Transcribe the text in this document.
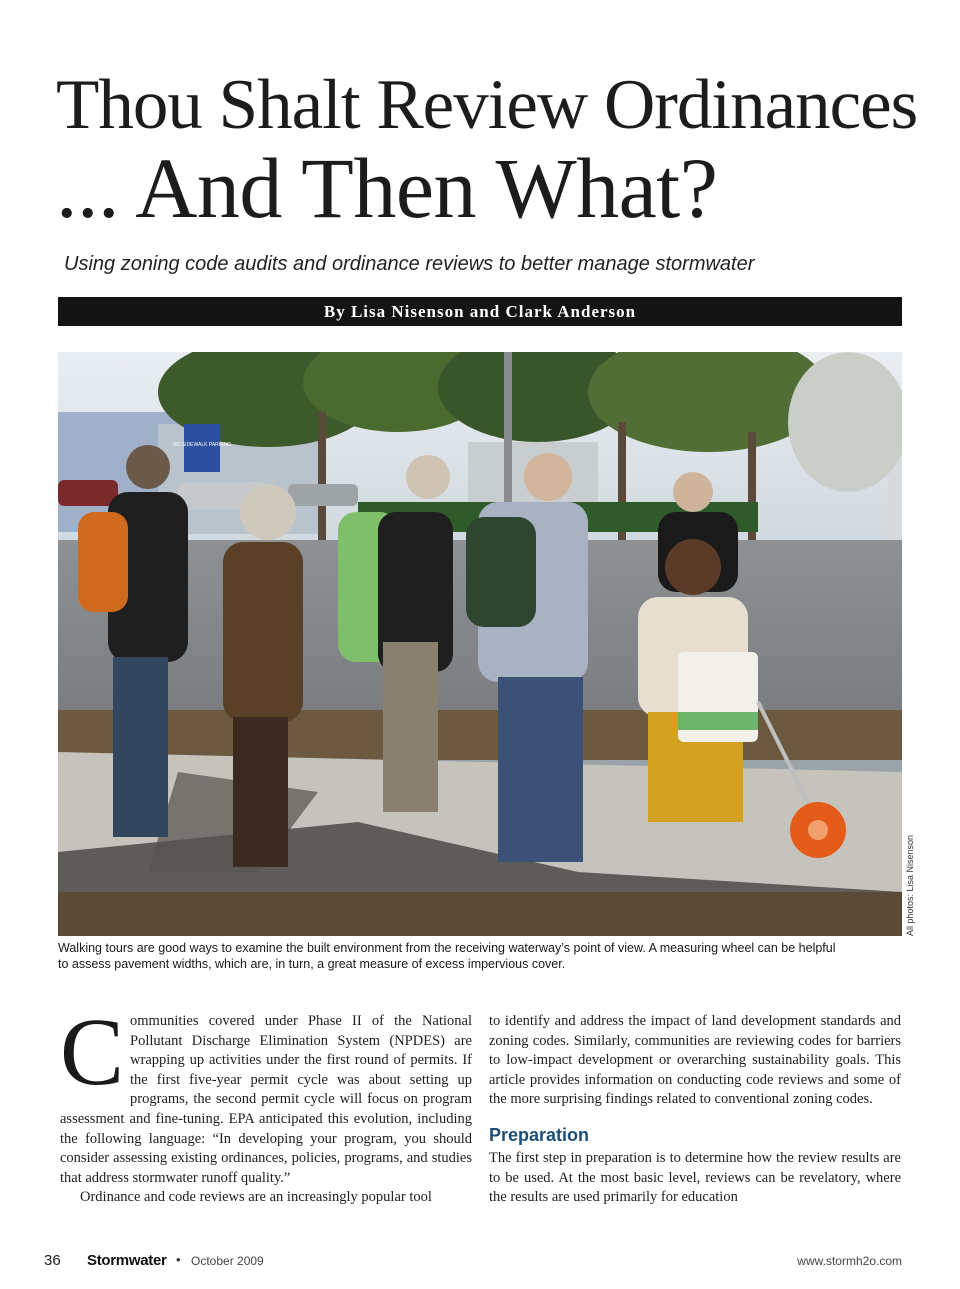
Thou Shalt Review Ordinances
... And Then What?

Using zoning code audits and ordinance reviews to better manage stormwater

By Lisa Nisenson and Clark Anderson
NO SIDEWALK PARKING
All photos: Lisa Nisenson

Walking tours are good ways to examine the built environment from the receiving waterway’s point of view. A measuring wheel can be helpful to assess pavement widths, which are, in turn, a great measure of excess impervious cover.

Communities covered under Phase II of the National Pollutant Discharge Elimination System (NPDES) are wrapping up activities under the first round of permits. If the first five-year permit cycle was about setting up programs, the second permit cycle will focus on program assessment and fine-tuning. EPA anticipated this evolution, including the following language: “In developing your program, you should consider assessing existing ordinances, policies, programs, and studies that address stormwater runoff quality.”

Ordinance and code reviews are an increasingly popular tool

to identify and address the impact of land development standards and zoning codes. Similarly, communities are reviewing codes for barriers to low-impact development or overarching sustainability goals. This article provides information on conducting code reviews and some of the more surprising findings related to conventional zoning codes.

Preparation

The first step in preparation is to determine how the review results are to be used. At the most basic level, reviews can be revelatory, where the results are used primarily for education

36 Stormwater • October 2009	www.stormh2o.com
